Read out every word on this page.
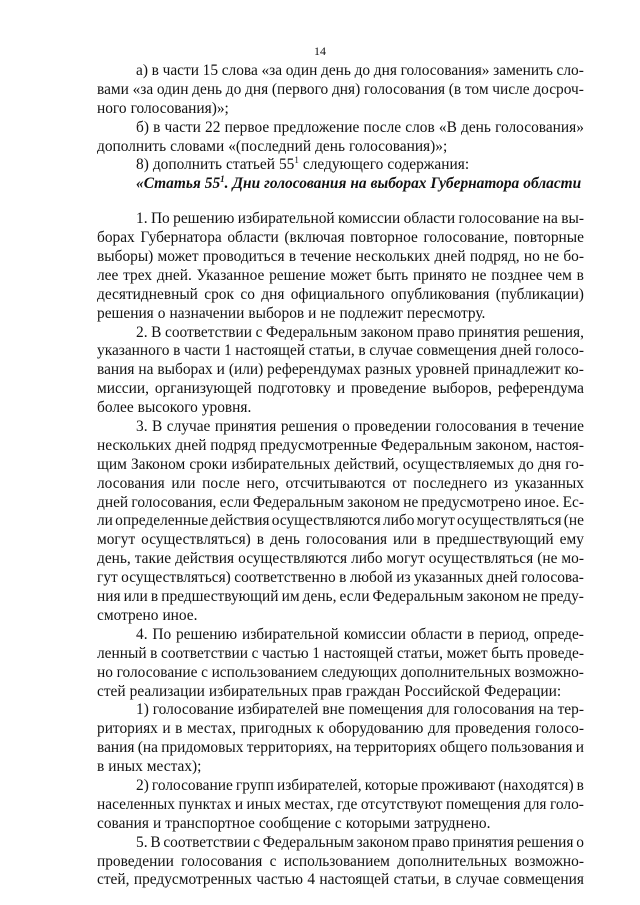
14
а) в части 15 слова «за один день до дня голосования» заменить сло-
вами «за один день до дня (первого дня) голосования (в том числе досроч-
ного голосования)»;
б) в части 22 первое предложение после слов «В день голосования»
дополнить словами «(последний день голосования)»;
8) дополнить статьей $55^1$ следующего содержания:
«Статья $55^1$. Дни голосования на выборах Губернатора области
1. По решению избирательной комиссии области голосование на вы-
борах Губернатора области (включая повторное голосование, повторные
выборы) может проводиться в течение нескольких дней подряд, но не бо-
лее трех дней. Указанное решение может быть принято не позднее чем в
десятидневный срок со дня официального опубликования (публикации)
решения о назначении выборов и не подлежит пересмотру.
2. В соответствии с Федеральным законом право принятия решения,
указанного в части 1 настоящей статьи, в случае совмещения дней голосо-
вания на выборах и (или) референдумах разных уровней принадлежит ко-
миссии, организующей подготовку и проведение выборов, референдума
более высокого уровня.
3. В случае принятия решения о проведении голосования в течение
нескольких дней подряд предусмотренные Федеральным законом, настоя-
щим Законом сроки избирательных действий, осуществляемых до дня го-
лосования или после него, отсчитываются от последнего из указанных
дней голосования, если Федеральным законом не предусмотрено иное. Ес-
ли определенные действия осуществляются либо могут осуществляться (не
могут осуществляться) в день голосования или в предшествующий ему
день, такие действия осуществляются либо могут осуществляться (не мо-
гут осуществляться) соответственно в любой из указанных дней голосова-
ния или в предшествующий им день, если Федеральным законом не преду-
смотрено иное.
4. По решению избирательной комиссии области в период, опреде-
ленный в соответствии с частью 1 настоящей статьи, может быть проведе-
но голосование с использованием следующих дополнительных возможно-
стей реализации избирательных прав граждан Российской Федерации:
1) голосование избирателей вне помещения для голосования на тер-
риториях и в местах, пригодных к оборудованию для проведения голосо-
вания (на придомовых территориях, на территориях общего пользования и
в иных местах);
2) голосование групп избирателей, которые проживают (находятся) в
населенных пунктах и иных местах, где отсутствуют помещения для голо-
сования и транспортное сообщение с которыми затруднено.
5. В соответствии с Федеральным законом право принятия решения о
проведении голосования с использованием дополнительных возможно-
стей, предусмотренных частью 4 настоящей статьи, в случае совмещения
